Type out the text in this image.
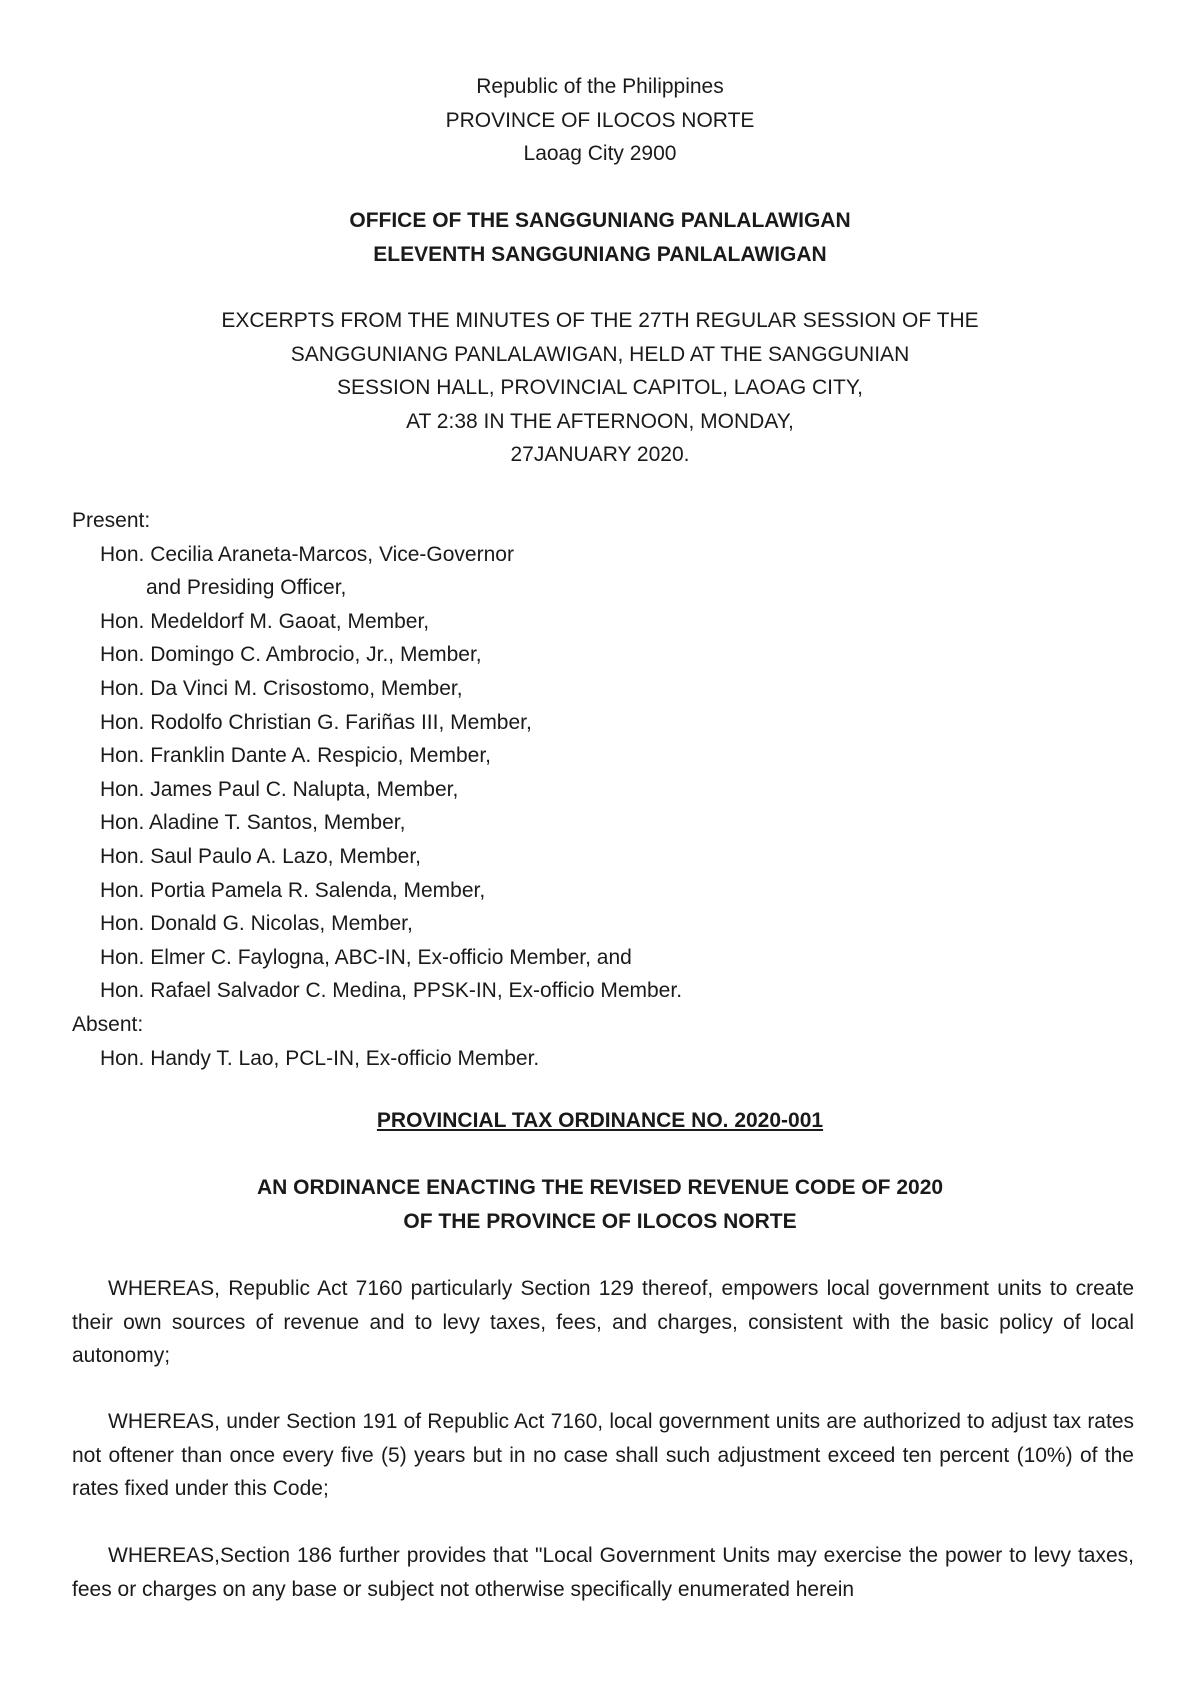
Republic of the Philippines
PROVINCE OF ILOCOS NORTE
Laoag City 2900
OFFICE OF THE SANGGUNIANG PANLALAWIGAN
ELEVENTH SANGGUNIANG PANLALAWIGAN
EXCERPTS FROM THE MINUTES OF THE 27TH REGULAR SESSION OF THE
SANGGUNIANG PANLALAWIGAN, HELD AT THE SANGGUNIAN
SESSION HALL, PROVINCIAL CAPITOL, LAOAG CITY,
AT 2:38 IN THE AFTERNOON, MONDAY,
27JANUARY 2020.
Present:
Hon. Cecilia Araneta-Marcos, Vice-Governor
and Presiding Officer,
Hon. Medeldorf M. Gaoat, Member,
Hon. Domingo C. Ambrocio, Jr., Member,
Hon. Da Vinci M. Crisostomo, Member,
Hon. Rodolfo Christian G. Fariñas III, Member,
Hon. Franklin Dante A. Respicio, Member,
Hon. James Paul C. Nalupta, Member,
Hon. Aladine T. Santos, Member,
Hon. Saul Paulo A. Lazo, Member,
Hon. Portia Pamela R. Salenda, Member,
Hon. Donald G. Nicolas, Member,
Hon. Elmer C. Faylogna, ABC-IN, Ex-officio Member, and
Hon. Rafael Salvador C. Medina, PPSK-IN, Ex-officio Member.
Absent:
Hon. Handy T. Lao, PCL-IN, Ex-officio Member.
PROVINCIAL TAX ORDINANCE NO. 2020-001
AN ORDINANCE ENACTING THE REVISED REVENUE CODE OF 2020
OF THE PROVINCE OF ILOCOS NORTE

WHEREAS, Republic Act 7160 particularly Section 129 thereof, empowers local government units to create their own sources of revenue and to levy taxes, fees, and charges, consistent with the basic policy of local autonomy;

WHEREAS, under Section 191 of Republic Act 7160, local government units are authorized to adjust tax rates not oftener than once every five (5) years but in no case shall such adjustment exceed ten percent (10%) of the rates fixed under this Code;

WHEREAS,Section 186 further provides that "Local Government Units may exercise the power to levy taxes, fees or charges on any base or subject not otherwise specifically enumerated herein
